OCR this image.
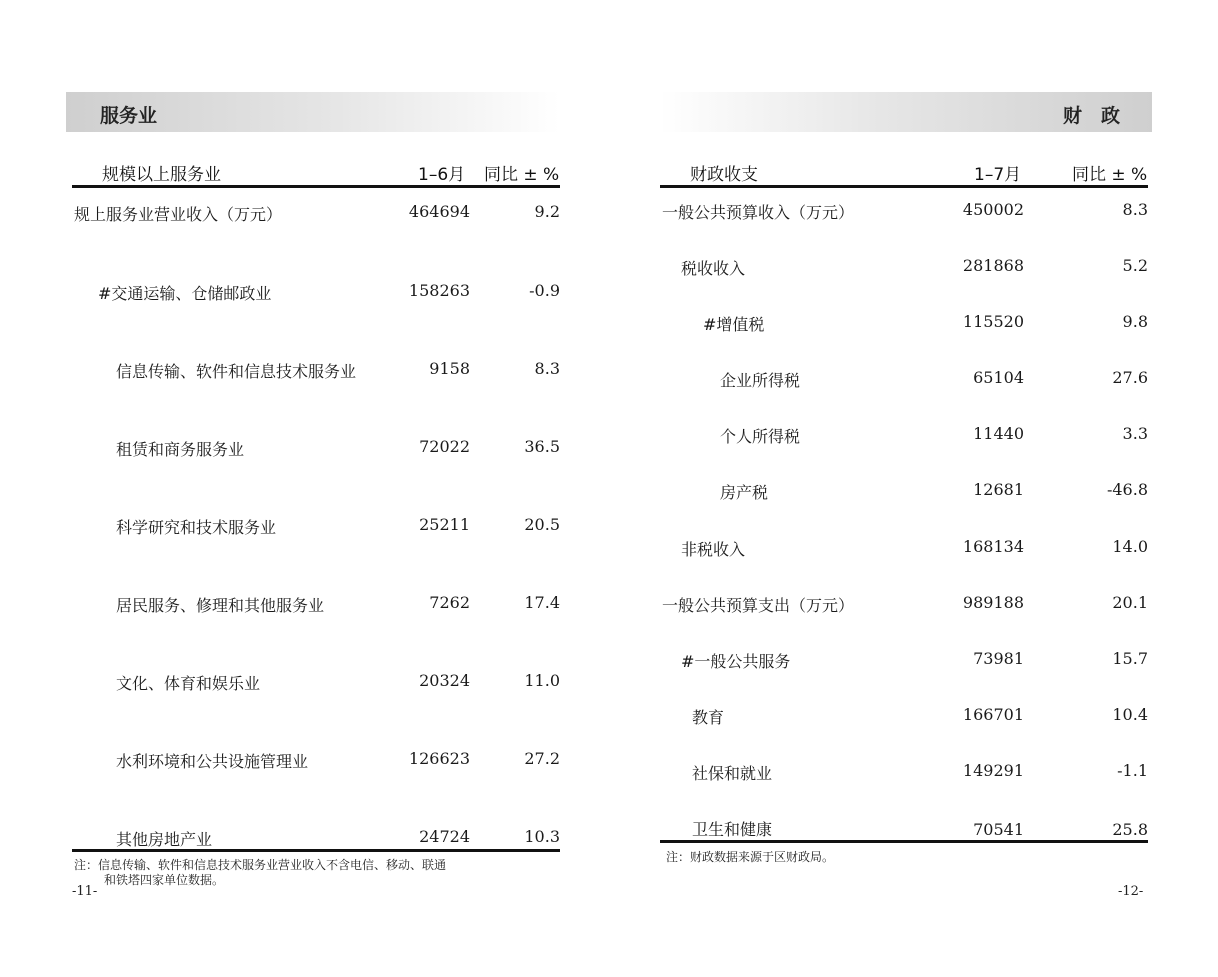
服务业
规模以上服务业	1–6月 同比 ± %
规上服务业营业收入（万元）	464694	9.2
#交通运输、仓储邮政业	158263	-0.9
信息传输、软件和信息技术服务业	9158	8.3
租赁和商务服务业	72022	36.5
科学研究和技术服务业	25211	20.5
居民服务、修理和其他服务业	7262	17.4
文化、体育和娱乐业	20324	11.0
水利环境和公共设施管理业	126623	27.2
其他房地产业	24724	10.3
注：信息传输、软件和信息技术服务业营业收入不含电信、移动、联通
和铁塔四家单位数据。
-11-
财　政
财政收支	1–7月	同比 ± %
一般公共预算收入（万元）	450002	8.3
税收收入	281868	5.2
#增值税	115520	9.8
企业所得税	65104	27.6
个人所得税	11440	3.3
房产税	12681	-46.8
非税收入	168134	14.0
一般公共预算支出（万元）	989188	20.1
#一般公共服务	73981	15.7
教育	166701	10.4
社保和就业	149291	-1.1
卫生和健康	70541	25.8
注：财政数据来源于区财政局。
-12-
